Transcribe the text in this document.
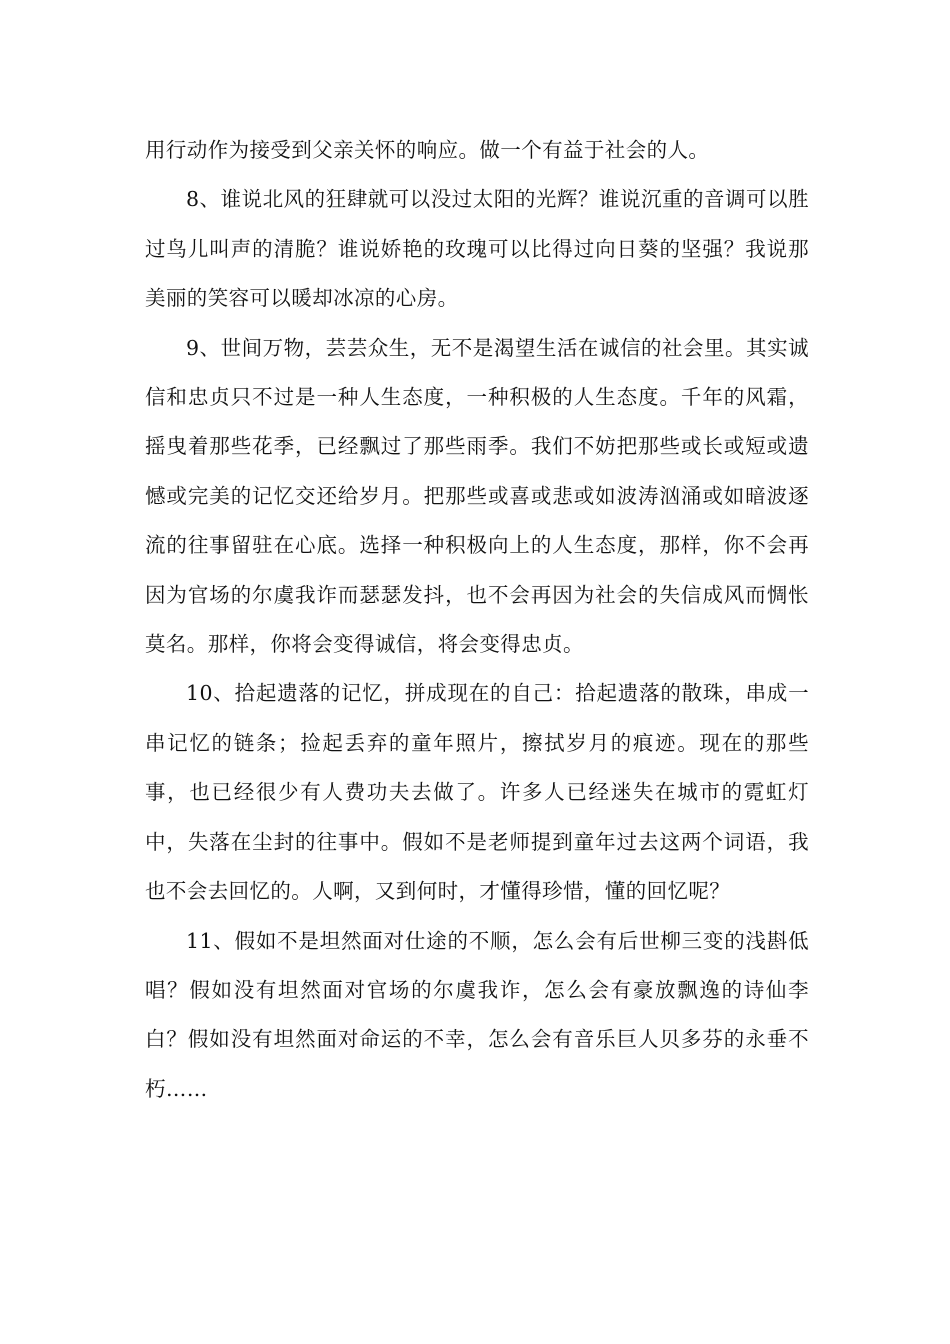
用行动作为接受到父亲关怀的响应。做一个有益于社会的人。

8、谁说北风的狂肆就可以没过太阳的光辉？谁说沉重的音调可以胜过鸟儿叫声的清脆？谁说娇艳的玫瑰可以比得过向日葵的坚强？我说那美丽的笑容可以暖却冰凉的心房。

9、世间万物，芸芸众生，无不是渴望生活在诚信的社会里。其实诚信和忠贞只不过是一种人生态度，一种积极的人生态度。千年的风霜，摇曳着那些花季，已经飘过了那些雨季。我们不妨把那些或长或短或遗憾或完美的记忆交还给岁月。把那些或喜或悲或如波涛汹涌或如暗波逐流的往事留驻在心底。选择一种积极向上的人生态度，那样，你不会再因为官场的尔虞我诈而瑟瑟发抖，也不会再因为社会的失信成风而惆怅莫名。那样，你将会变得诚信，将会变得忠贞。

10、拾起遗落的记忆，拼成现在的自己：拾起遗落的散珠，串成一串记忆的链条；捡起丢弃的童年照片，擦拭岁月的痕迹。现在的那些事，也已经很少有人费功夫去做了。许多人已经迷失在城市的霓虹灯中，失落在尘封的往事中。假如不是老师提到童年过去这两个词语，我也不会去回忆的。人啊，又到何时，才懂得珍惜，懂的回忆呢？

11、假如不是坦然面对仕途的不顺，怎么会有后世柳三变的浅斟低唱？假如没有坦然面对官场的尔虞我诈，怎么会有豪放飘逸的诗仙李白？假如没有坦然面对命运的不幸，怎么会有音乐巨人贝多芬的永垂不朽……
